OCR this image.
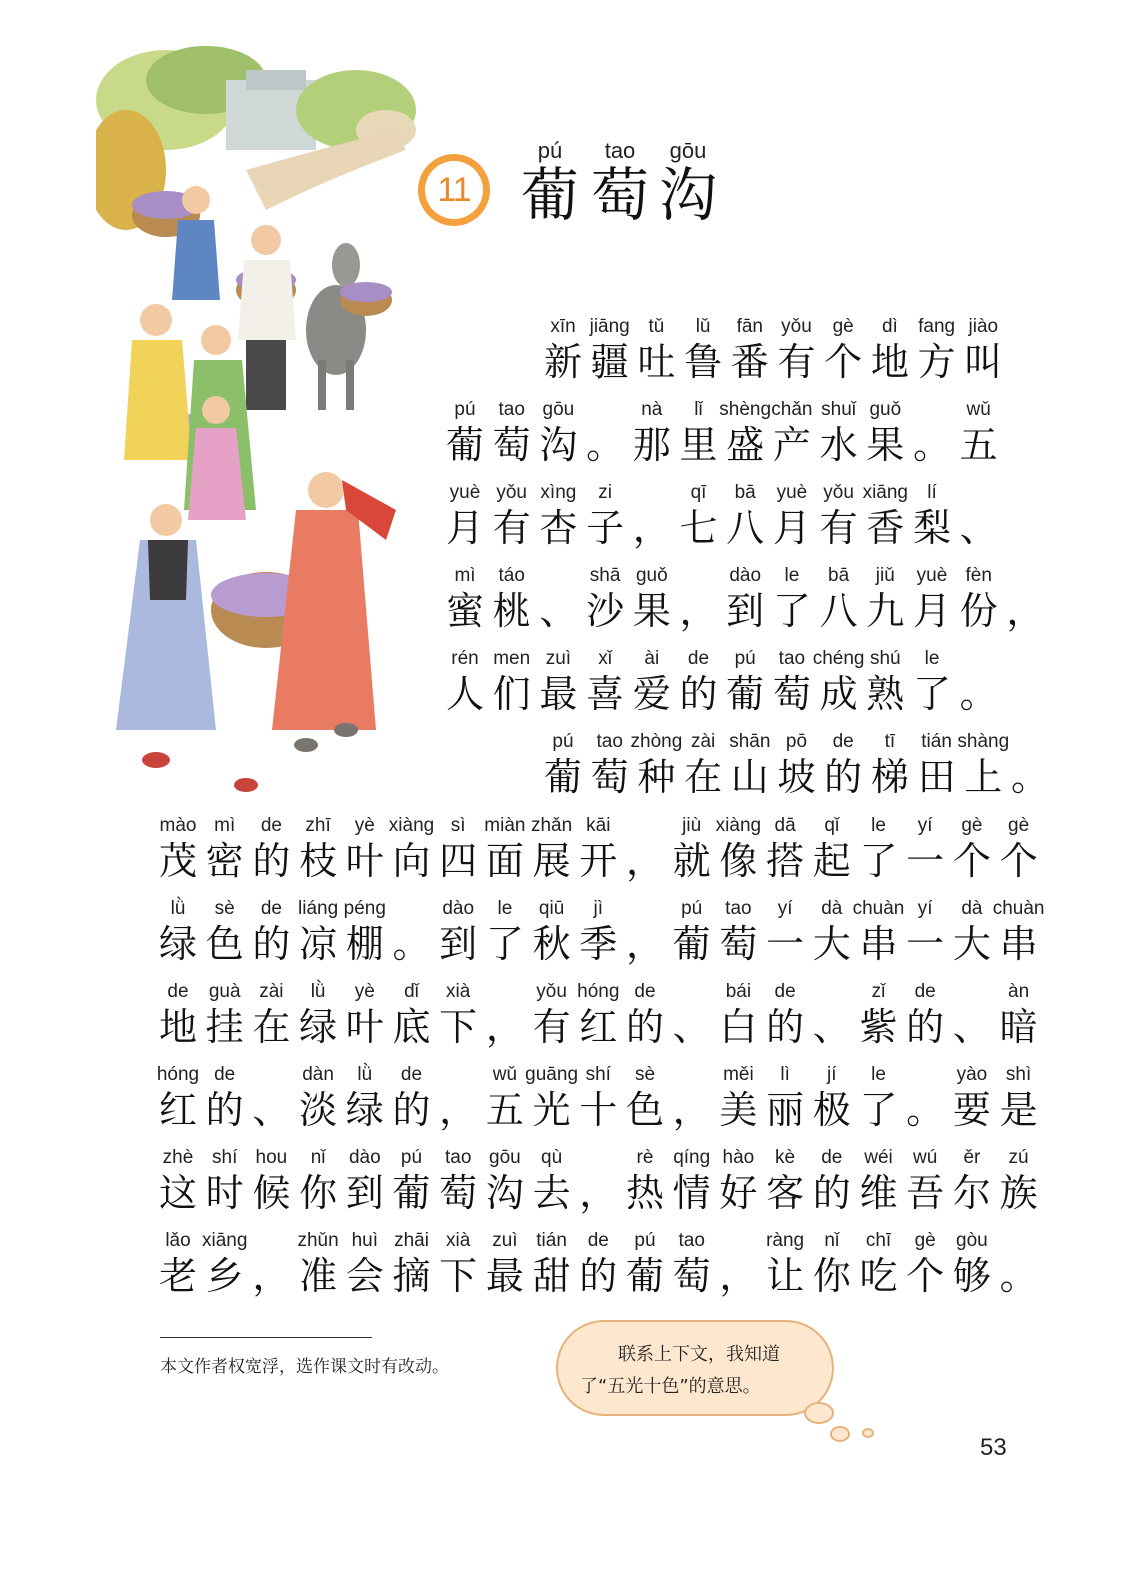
11
pú
葡
tao
萄
gōu
沟
xīn
新
jiāng
疆
tǔ
吐
lǔ
鲁
fān
番
yǒu
有
gè
个
dì
地
fang
方
jiào
叫
pú
葡
tao
萄
gōu
沟 。
nà
那
lǐ
里
shèng
盛
chǎn
产
shuǐ
水
guǒ
果 。
wǔ
五
yuè
月
yǒu
有
xìng
杏
zi
子 ，
qī
七
bā
八
yuè
月
yǒu
有
xiāng
香
lí
梨 、
mì
蜜
táo
桃 、
shā
沙
guǒ
果 ，
dào
到
le
了
bā
八
jiǔ
九
yuè
月
fèn
份 ，
rén
人
men
们
zuì
最
xǐ
喜
ài
爱
de
的
pú
葡
tao
萄
chéng
成
shú
熟
le
了 。
pú
葡
tao
萄
zhòng
种
zài
在
shān
山
pō
坡
de
的
tī
梯
tián
田
shàng
上 。
mào
茂
mì
密
de
的
zhī
枝
yè
叶
xiàng
向
sì
四
miàn
面
zhǎn
展
kāi
开 ，
jiù
就
xiàng
像
dā
搭
qǐ
起
le
了
yí
一
gè
个
gè
个
lǜ
绿
sè
色
de
的
liáng
凉
péng
棚 。
dào
到
le
了
qiū
秋
jì
季 ，
pú
葡
tao
萄
yí
一
dà
大
chuàn
串
yí
一
dà
大
chuàn
串
de
地
guà
挂
zài
在
lǜ
绿
yè
叶
dǐ
底
xià
下 ，
yǒu
有
hóng
红
de
的 、
bái
白
de
的 、
zǐ
紫
de
的 、
àn
暗
hóng
红
de
的 、
dàn
淡
lǜ
绿
de
的 ，
wǔ
五
guāng
光
shí
十
sè
色 ，
měi
美
lì
丽
jí
极
le
了 。
yào
要
shì
是
zhè
这
shí
时
hou
候
nǐ
你
dào
到
pú
葡
tao
萄
gōu
沟
qù
去 ，
rè
热
qíng
情
hào
好
kè
客
de
的
wéi
维
wú
吾
ěr
尔
zú
族
lǎo
老
xiāng
乡 ，
zhǔn
准
huì
会
zhāi
摘
xià
下
zuì
最
tián
甜
de
的
pú
葡
tao
萄 ，
ràng
让
nǐ
你
chī
吃
gè
个
gòu
够 。
本文作者权宽浮，选作课文时有改动。
联系上下文，我知道
了“五光十色”的意思。
53
